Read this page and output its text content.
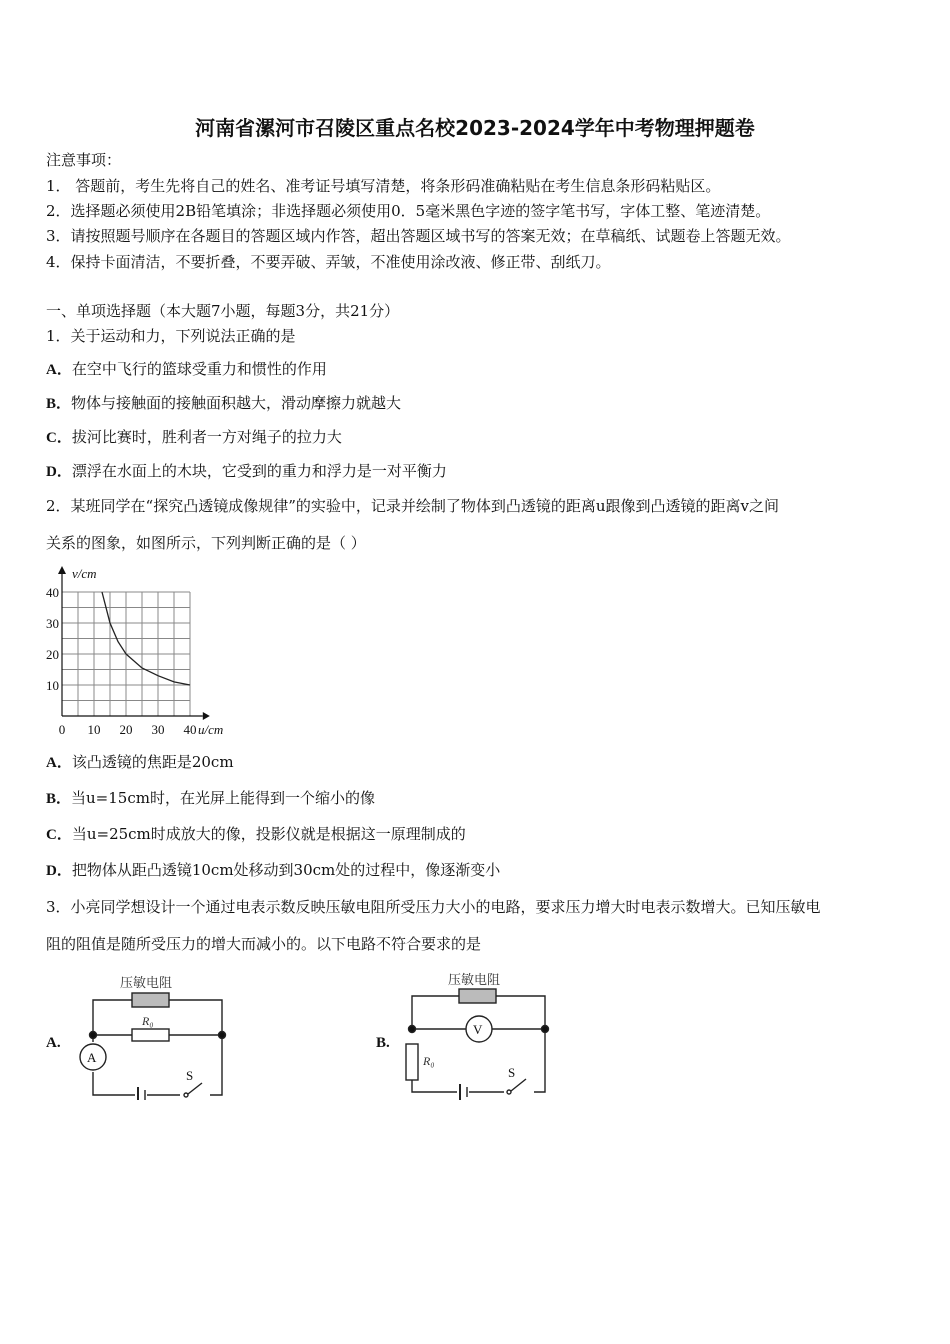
河南省漯河市召陵区重点名校2023-2024学年中考物理押题卷
注意事项：
1． 答题前，考生先将自己的姓名、准考证号填写清楚，将条形码准确粘贴在考生信息条形码粘贴区。
2．选择题必须使用2B铅笔填涂；非选择题必须使用0．5毫米黑色字迹的签字笔书写，字体工整、笔迹清楚。
3．请按照题号顺序在各题目的答题区域内作答，超出答题区域书写的答案无效；在草稿纸、试题卷上答题无效。
4．保持卡面清洁，不要折叠，不要弄破、弄皱，不准使用涂改液、修正带、刮纸刀。
一、单项选择题（本大题7小题，每题3分，共21分）
1．关于运动和力，下列说法正确的是
A．在空中飞行的篮球受重力和惯性的作用
B．物体与接触面的接触面积越大，滑动摩擦力就越大
C．拔河比赛时，胜利者一方对绳子的拉力大
D．漂浮在水面上的木块，它受到的重力和浮力是一对平衡力
2．某班同学在“探究凸透镜成像规律”的实验中，记录并绘制了物体到凸透镜的距离u跟像到凸透镜的距离v之间
关系的图象，如图所示，下列判断正确的是（ ）
0 10 20 30 40
10
20
30
40
v/cm
u/cm
A．该凸透镜的焦距是20cm
B．当u=15cm时，在光屏上能得到一个缩小的像
C．当u=25cm时成放大的像，投影仪就是根据这一原理制成的
D．把物体从距凸透镜10cm处移动到30cm处的过程中，像逐渐变小
3．小亮同学想设计一个通过电表示数反映压敏电阻所受压力大小的电路，要求压力增大时电表示数增大。已知压敏电
阻的阻值是随所受压力的增大而减小的。以下电路不符合要求的是
A.
压敏电阻
R₀
A
S
B.
压敏电阻
V
R₀
S
